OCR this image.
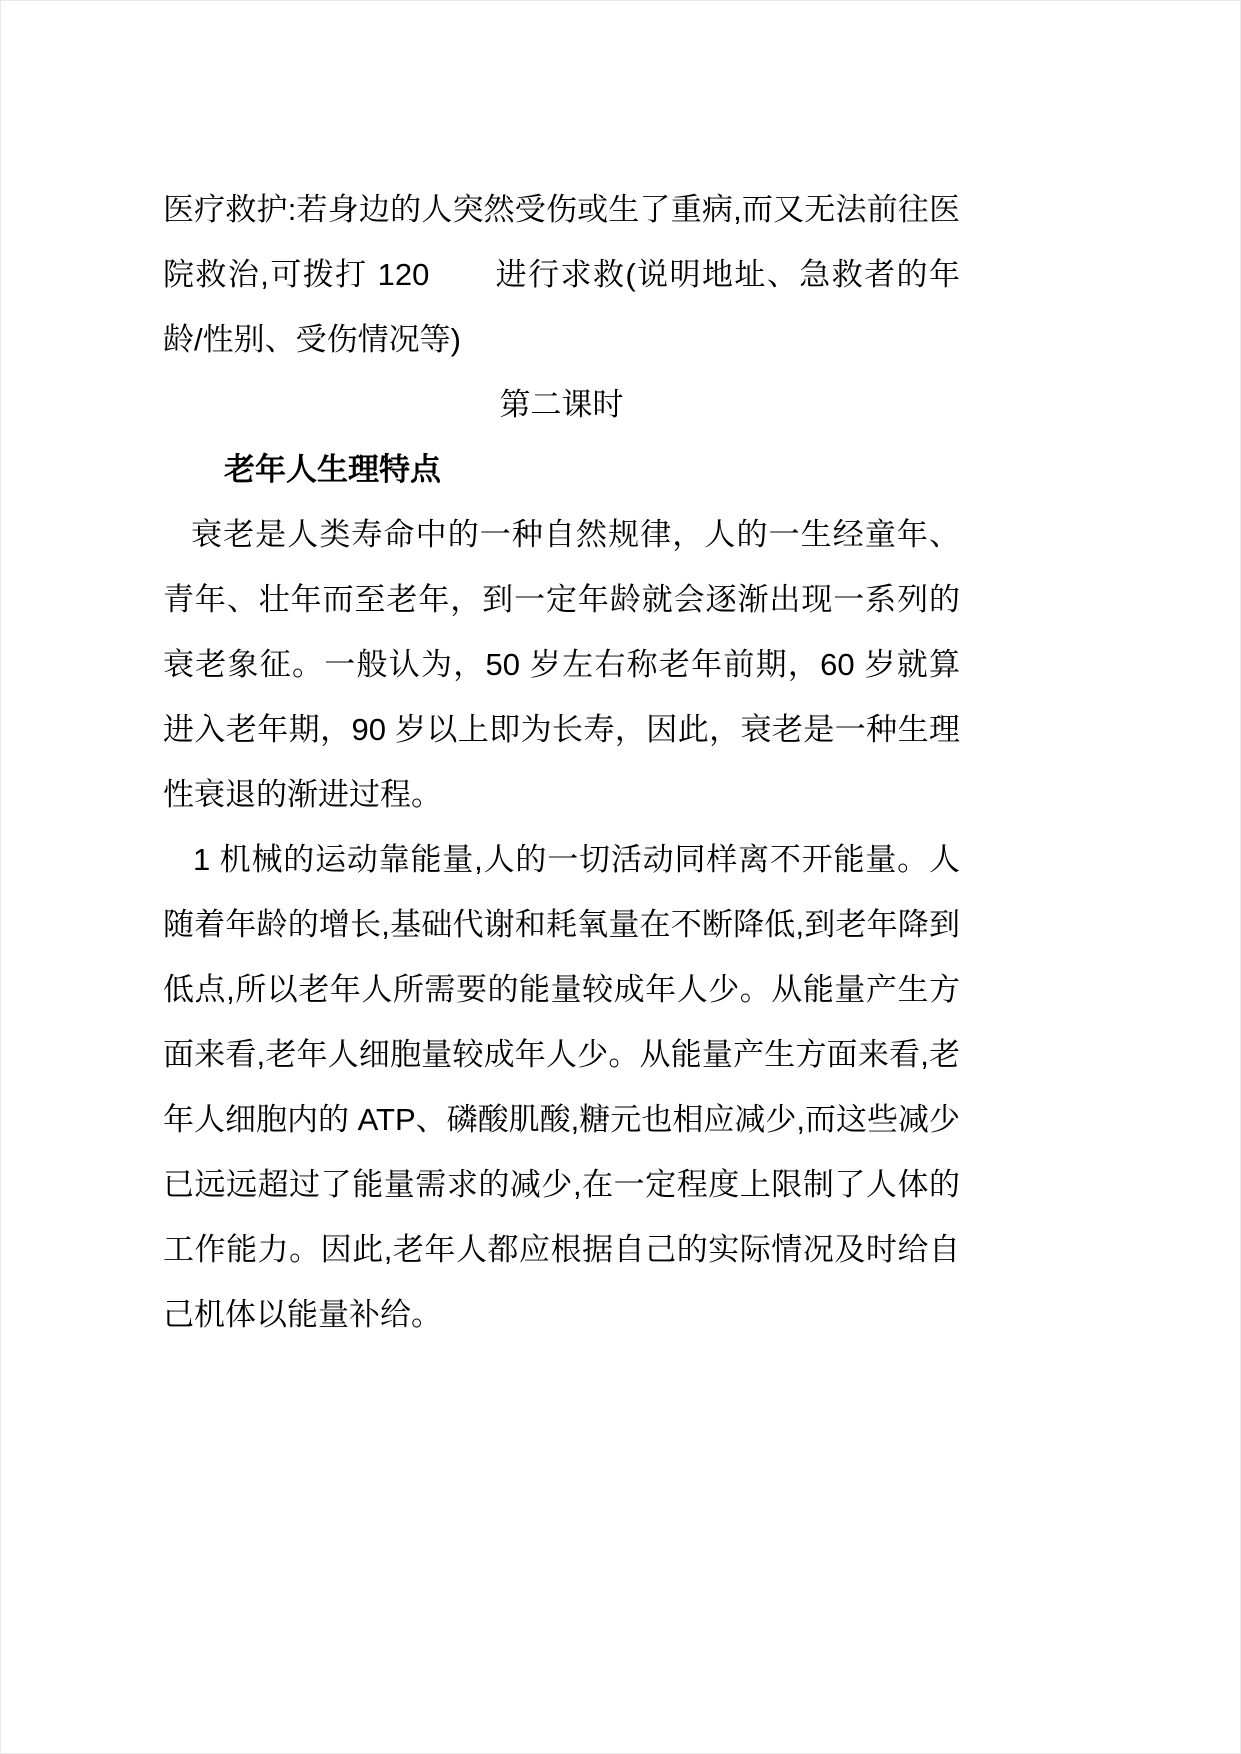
医疗救护:若身边的人突然受伤或生了重病,而又无法前往医院救治,可拨打 120　　进行求救(说明地址、急救者的年龄/性别、受伤情况等)

第二课时

老年人生理特点

衰老是人类寿命中的一种自然规律，人的一生经童年、青年、壮年而至老年，到一定年龄就会逐渐出现一系列的衰老象征。一般认为，50 岁左右称老年前期，60 岁就算进入老年期，90 岁以上即为长寿，因此，衰老是一种生理性衰退的渐进过程。

1 机械的运动靠能量,人的一切活动同样离不开能量。人随着年龄的增长,基础代谢和耗氧量在不断降低,到老年降到低点,所以老年人所需要的能量较成年人少。从能量产生方面来看,老年人细胞量较成年人少。从能量产生方面来看,老年人细胞内的 ATP、磷酸肌酸,糖元也相应减少,而这些减少已远远超过了能量需求的减少,在一定程度上限制了人体的工作能力。因此,老年人都应根据自己的实际情况及时给自己机体以能量补给。
